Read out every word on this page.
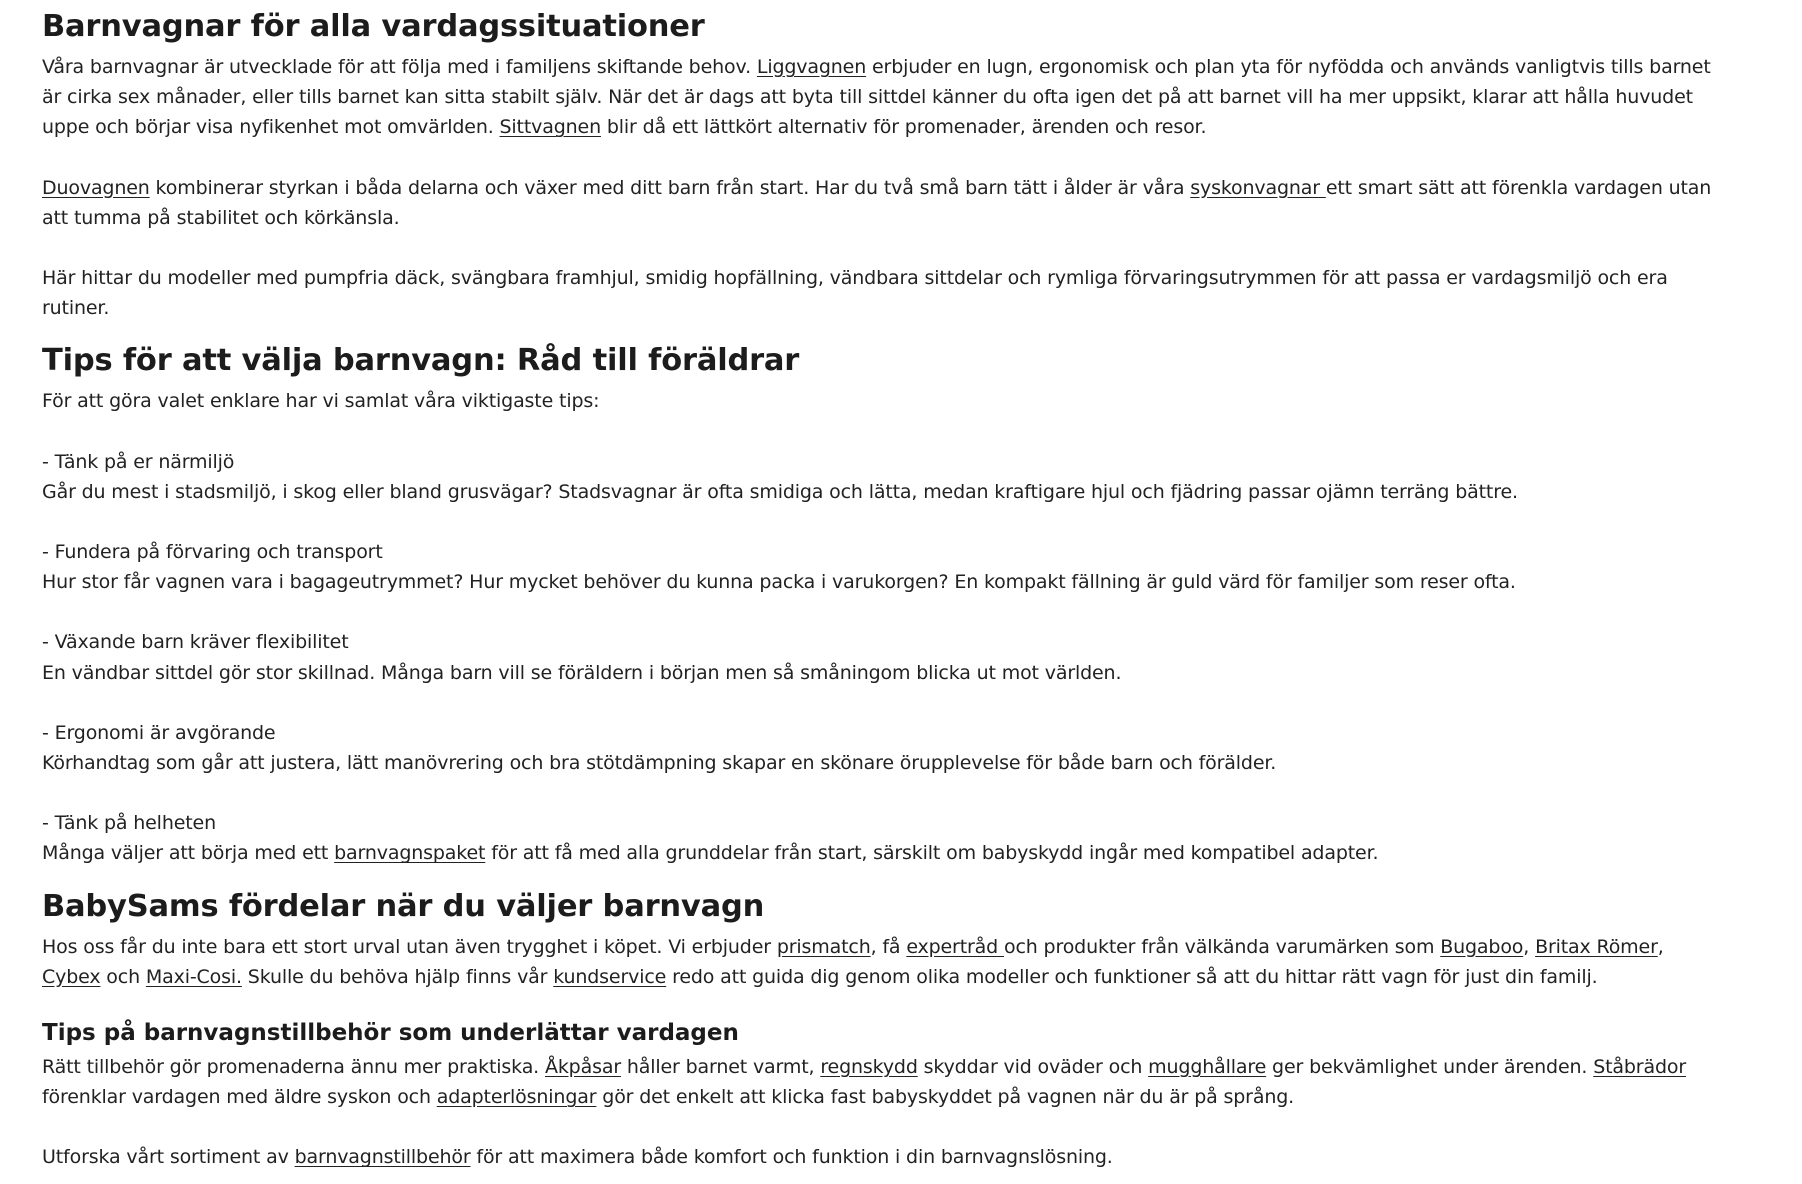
Barnvagnar för alla vardagssituationer

Våra barnvagnar är utvecklade för att följa med i familjens skiftande behov. Liggvagnen erbjuder en lugn, ergonomisk och plan yta för nyfödda och används vanligtvis tills barnet är cirka sex månader, eller tills barnet kan sitta stabilt själv. När det är dags att byta till sittdel känner du ofta igen det på att barnet vill ha mer uppsikt, klarar att hålla huvudet uppe och börjar visa nyfikenhet mot omvärlden. Sittvagnen blir då ett lättkört alternativ för promenader, ärenden och resor.

Duovagnen kombinerar styrkan i båda delarna och växer med ditt barn från start. Har du två små barn tätt i ålder är våra syskonvagnar ett smart sätt att förenkla vardagen utan att tumma på stabilitet och körkänsla.

Här hittar du modeller med pumpfria däck, svängbara framhjul, smidig hopfällning, vändbara sittdelar och rymliga förvaringsutrymmen för att passa er vardagsmiljö och era rutiner.

Tips för att välja barnvagn: Råd till föräldrar

För att göra valet enklare har vi samlat våra viktigaste tips:

- Tänk på er närmiljö

Går du mest i stadsmiljö, i skog eller bland grusvägar? Stadsvagnar är ofta smidiga och lätta, medan kraftigare hjul och fjädring passar ojämn terräng bättre.

- Fundera på förvaring och transport

Hur stor får vagnen vara i bagageutrymmet? Hur mycket behöver du kunna packa i varukorgen? En kompakt fällning är guld värd för familjer som reser ofta.

- Växande barn kräver flexibilitet

En vändbar sittdel gör stor skillnad. Många barn vill se föräldern i början men så småningom blicka ut mot världen.

- Ergonomi är avgörande

Körhandtag som går att justera, lätt manövrering och bra stötdämpning skapar en skönare örupplevelse för både barn och förälder.

- Tänk på helheten

Många väljer att börja med ett barnvagnspaket för att få med alla grunddelar från start, särskilt om babyskydd ingår med kompatibel adapter.

BabySams fördelar när du väljer barnvagn

Hos oss får du inte bara ett stort urval utan även trygghet i köpet. Vi erbjuder prismatch, få expertråd och produkter från välkända varumärken som Bugaboo, Britax Römer, Cybex och Maxi-Cosi. Skulle du behöva hjälp finns vår kundservice redo att guida dig genom olika modeller och funktioner så att du hittar rätt vagn för just din familj.

Tips på barnvagnstillbehör som underlättar vardagen

Rätt tillbehör gör promenaderna ännu mer praktiska. Åkpåsar håller barnet varmt, regnskydd skyddar vid oväder och mugghållare ger bekvämlighet under ärenden. Ståbrädor förenklar vardagen med äldre syskon och adapterlösningar gör det enkelt att klicka fast babyskyddet på vagnen när du är på språng.

Utforska vårt sortiment av barnvagnstillbehör för att maximera både komfort och funktion i din barnvagnslösning.
